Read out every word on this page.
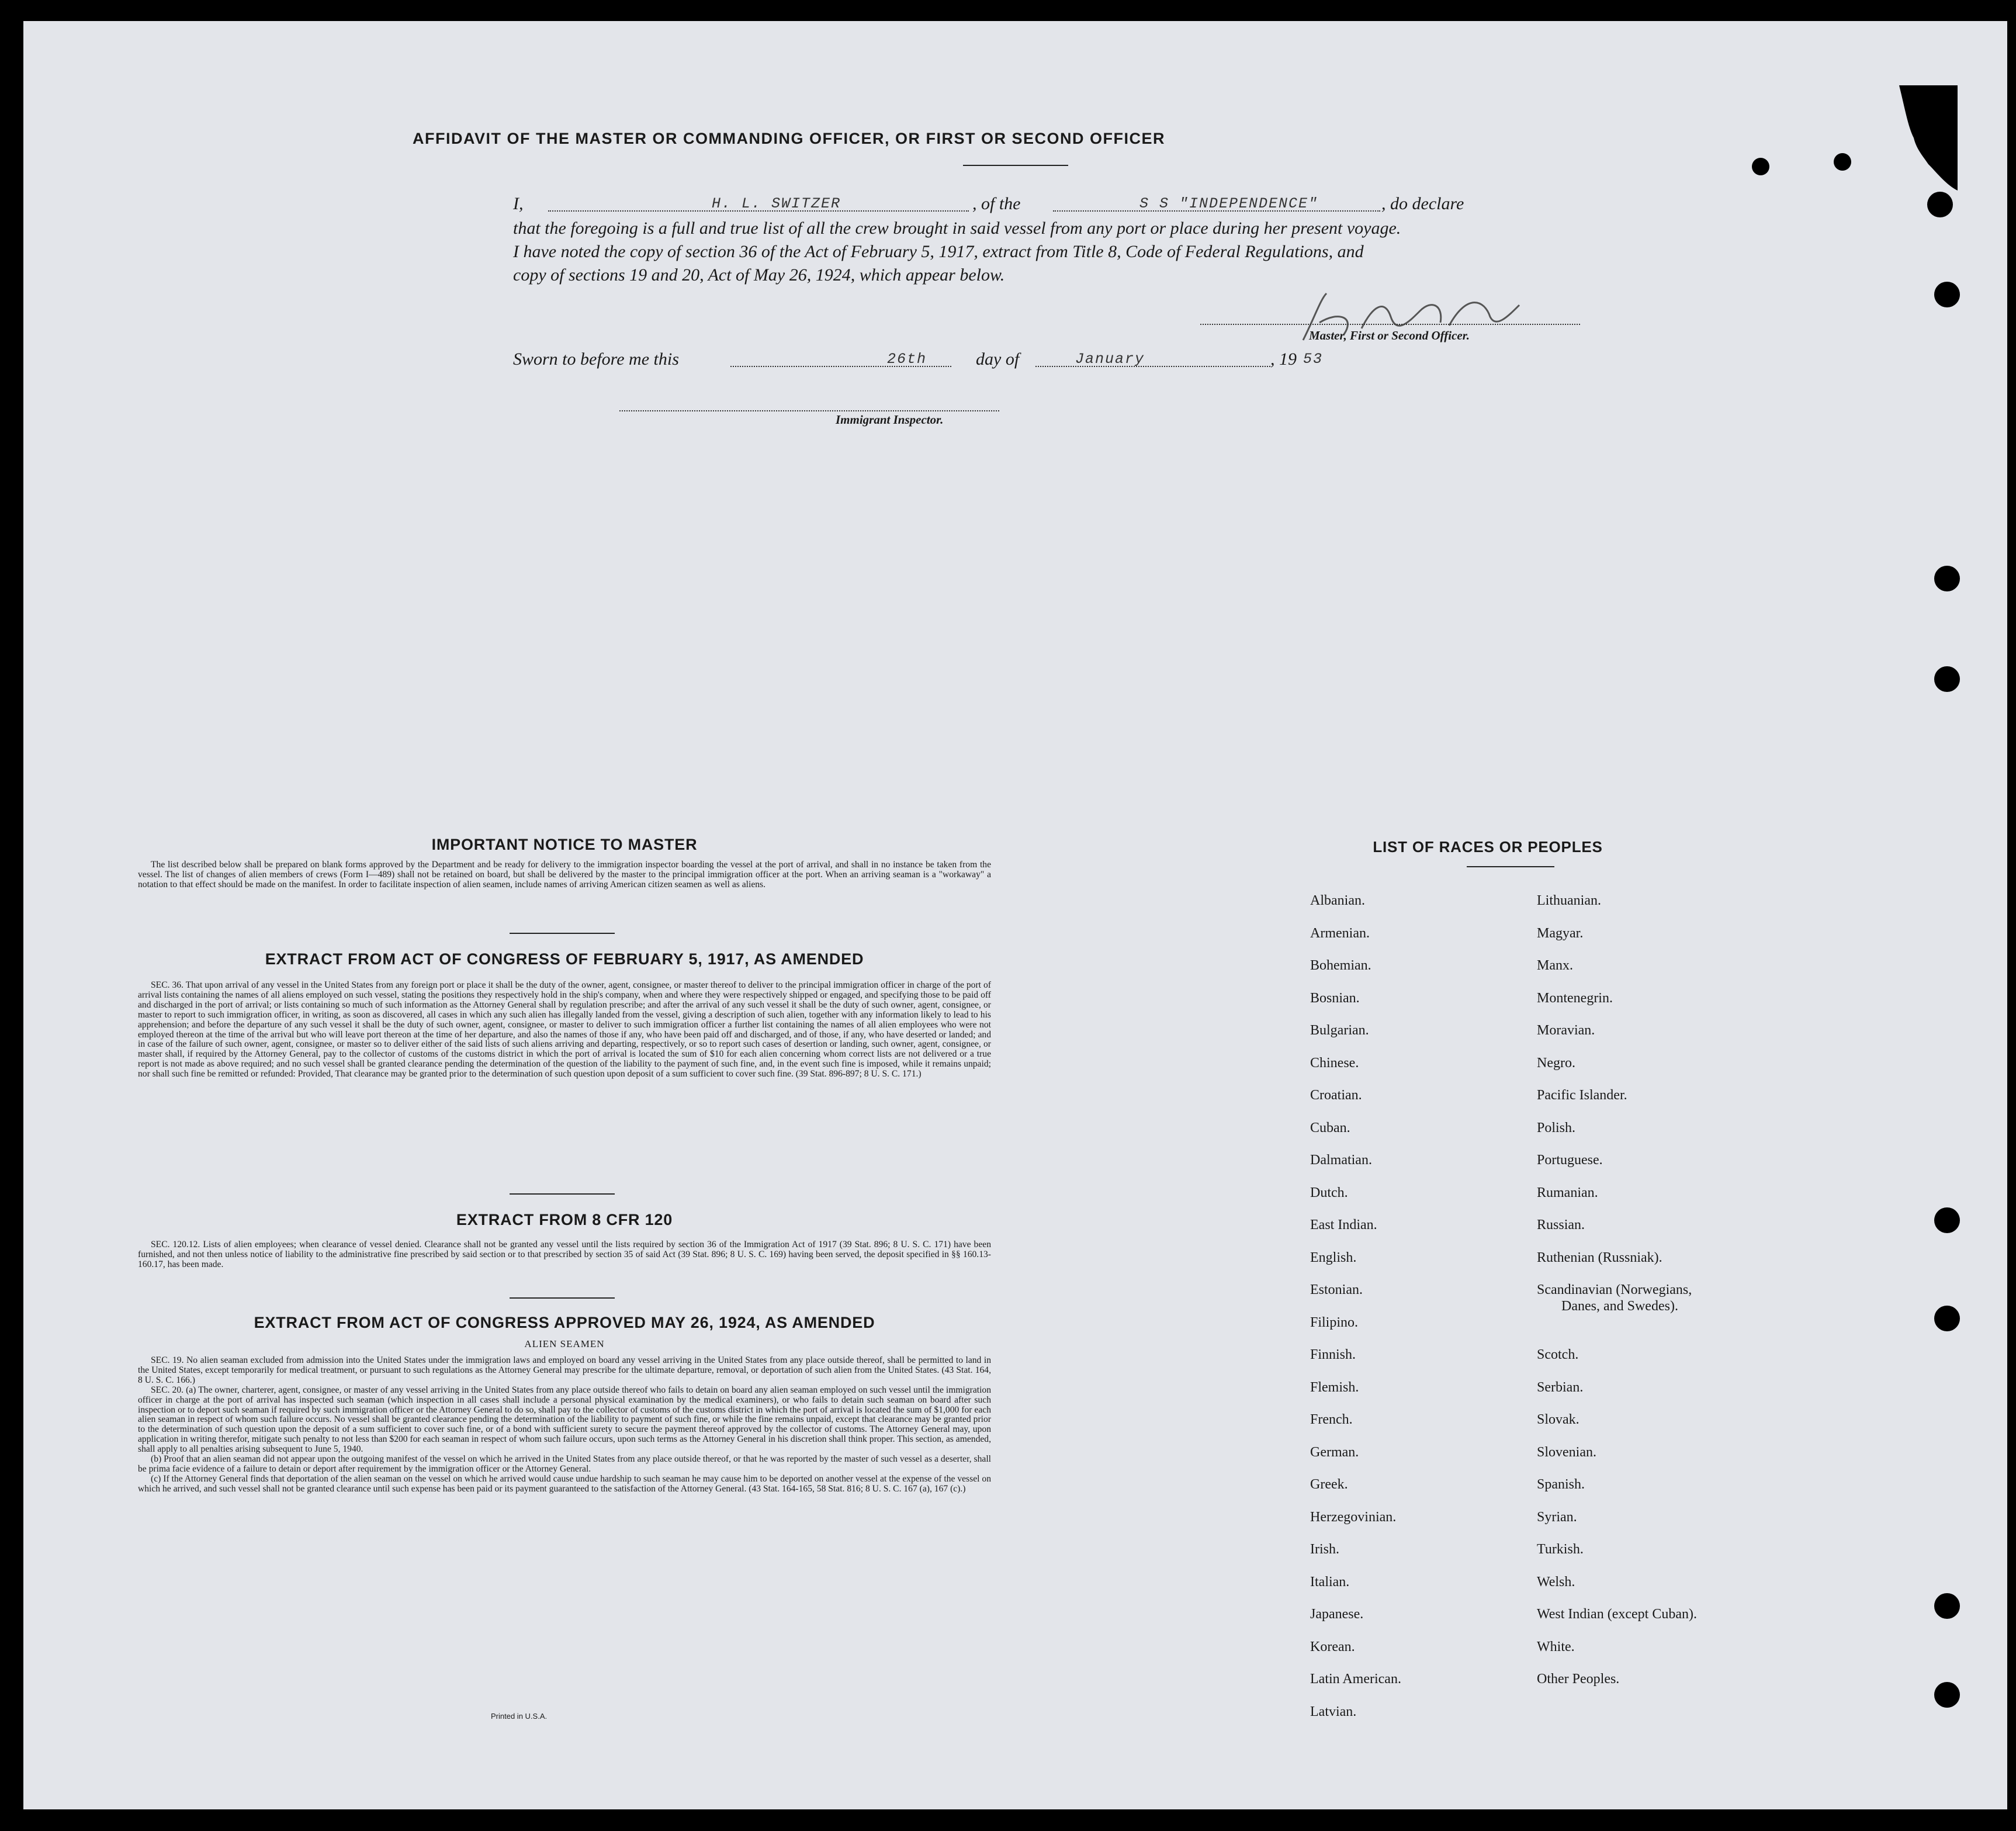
AFFIDAVIT OF THE MASTER OR COMMANDING OFFICER, OR FIRST OR SECOND OFFICER
I,	H. L. SWITZER	, of the	S S "INDEPENDENCE"	, do declare
that the foregoing is a full and true list of all the crew brought in said vessel from any port or place during her present voyage.
I have noted the copy of section 36 of the Act of February 5, 1917, extract from Title 8, Code of Federal Regulations, and
copy of sections 19 and 20, Act of May 26, 1924, which appear below.
Master, First or Second Officer.
Sworn to before me this	26th	day of	January	, 19 53
Immigrant Inspector.
IMPORTANT NOTICE TO MASTER

The list described below shall be prepared on blank forms approved by the Department and be ready for delivery to the immigration inspector boarding the vessel at the port of arrival, and shall in no instance be taken from the vessel. The list of changes of alien members of crews (Form I—489) shall not be retained on board, but shall be delivered by the master to the principal immigration officer at the port. When an arriving seaman is a "workaway" a notation to that effect should be made on the manifest. In order to facilitate inspection of alien seamen, include names of arriving American citizen seamen as well as aliens.

EXTRACT FROM ACT OF CONGRESS OF FEBRUARY 5, 1917, AS AMENDED

SEC. 36. That upon arrival of any vessel in the United States from any foreign port or place it shall be the duty of the owner, agent, consignee, or master thereof to deliver to the principal immigration officer in charge of the port of arrival lists containing the names of all aliens employed on such vessel, stating the positions they respectively hold in the ship's company, when and where they were respectively shipped or engaged, and specifying those to be paid off and discharged in the port of arrival; or lists containing so much of such information as the Attorney General shall by regulation prescribe; and after the arrival of any such vessel it shall be the duty of such owner, agent, consignee, or master to report to such immigration officer, in writing, as soon as discovered, all cases in which any such alien has illegally landed from the vessel, giving a description of such alien, together with any information likely to lead to his apprehension; and before the departure of any such vessel it shall be the duty of such owner, agent, consignee, or master to deliver to such immigration officer a further list containing the names of all alien employees who were not employed thereon at the time of the arrival but who will leave port thereon at the time of her departure, and also the names of those if any, who have been paid off and discharged, and of those, if any, who have deserted or landed; and in case of the failure of such owner, agent, consignee, or master so to deliver either of the said lists of such aliens arriving and departing, respectively, or so to report such cases of desertion or landing, such owner, agent, consignee, or master shall, if required by the Attorney General, pay to the collector of customs of the customs district in which the port of arrival is located the sum of $10 for each alien concerning whom correct lists are not delivered or a true report is not made as above required; and no such vessel shall be granted clearance pending the determination of the question of the liability to the payment of such fine, and, in the event such fine is imposed, while it remains unpaid; nor shall such fine be remitted or refunded: Provided, That clearance may be granted prior to the determination of such question upon deposit of a sum sufficient to cover such fine. (39 Stat. 896-897; 8 U. S. C. 171.)

EXTRACT FROM 8 CFR 120

SEC. 120.12. Lists of alien employees; when clearance of vessel denied. Clearance shall not be granted any vessel until the lists required by section 36 of the Immigration Act of 1917 (39 Stat. 896; 8 U. S. C. 171) have been furnished, and not then unless notice of liability to the administrative fine prescribed by said section or to that prescribed by section 35 of said Act (39 Stat. 896; 8 U. S. C. 169) having been served, the deposit specified in §§ 160.13-160.17, has been made.

EXTRACT FROM ACT OF CONGRESS APPROVED MAY 26, 1924, AS AMENDED
ALIEN SEAMEN

SEC. 19. No alien seaman excluded from admission into the United States under the immigration laws and employed on board any vessel arriving in the United States from any place outside thereof, shall be permitted to land in the United States, except temporarily for medical treatment, or pursuant to such regulations as the Attorney General may prescribe for the ultimate departure, removal, or deportation of such alien from the United States. (43 Stat. 164, 8 U. S. C. 166.)

SEC. 20. (a) The owner, charterer, agent, consignee, or master of any vessel arriving in the United States from any place outside thereof who fails to detain on board any alien seaman employed on such vessel until the immigration officer in charge at the port of arrival has inspected such seaman (which inspection in all cases shall include a personal physical examination by the medical examiners), or who fails to detain such seaman on board after such inspection or to deport such seaman if required by such immigration officer or the Attorney General to do so, shall pay to the collector of customs of the customs district in which the port of arrival is located the sum of $1,000 for each alien seaman in respect of whom such failure occurs. No vessel shall be granted clearance pending the determination of the liability to payment of such fine, or while the fine remains unpaid, except that clearance may be granted prior to the determination of such question upon the deposit of a sum sufficient to cover such fine, or of a bond with sufficient surety to secure the payment thereof approved by the collector of customs. The Attorney General may, upon application in writing therefor, mitigate such penalty to not less than $200 for each seaman in respect of whom such failure occurs, upon such terms as the Attorney General in his discretion shall think proper. This section, as amended, shall apply to all penalties arising subsequent to June 5, 1940.

(b) Proof that an alien seaman did not appear upon the outgoing manifest of the vessel on which he arrived in the United States from any place outside thereof, or that he was reported by the master of such vessel as a deserter, shall be prima facie evidence of a failure to detain or deport after requirement by the immigration officer or the Attorney General.

(c) If the Attorney General finds that deportation of the alien seaman on the vessel on which he arrived would cause undue hardship to such seaman he may cause him to be deported on another vessel at the expense of the vessel on which he arrived, and such vessel shall not be granted clearance until such expense has been paid or its payment guaranteed to the satisfaction of the Attorney General. (43 Stat. 164-165, 58 Stat. 816; 8 U. S. C. 167 (a), 167 (c).)

Printed in U.S.A.
LIST OF RACES OR PEOPLES
Albanian.
Armenian.
Bohemian.
Bosnian.
Bulgarian.
Chinese.
Croatian.
Cuban.
Dalmatian.
Dutch.
East Indian.
English.
Estonian.
Filipino.
Finnish.
Flemish.
French.
German.
Greek.
Herzegovinian.
Irish.
Italian.
Japanese.
Korean.
Latin American.
Latvian.
Lithuanian.
Magyar.
Manx.
Montenegrin.
Moravian.
Negro.
Pacific Islander.
Polish.
Portuguese.
Rumanian.
Russian.
Ruthenian (Russniak).
Scandinavian (Norwegians,
Danes, and Swedes).
Scotch.
Serbian.
Slovak.
Slovenian.
Spanish.
Syrian.
Turkish.
Welsh.
West Indian (except Cuban).
White.
Other Peoples.
